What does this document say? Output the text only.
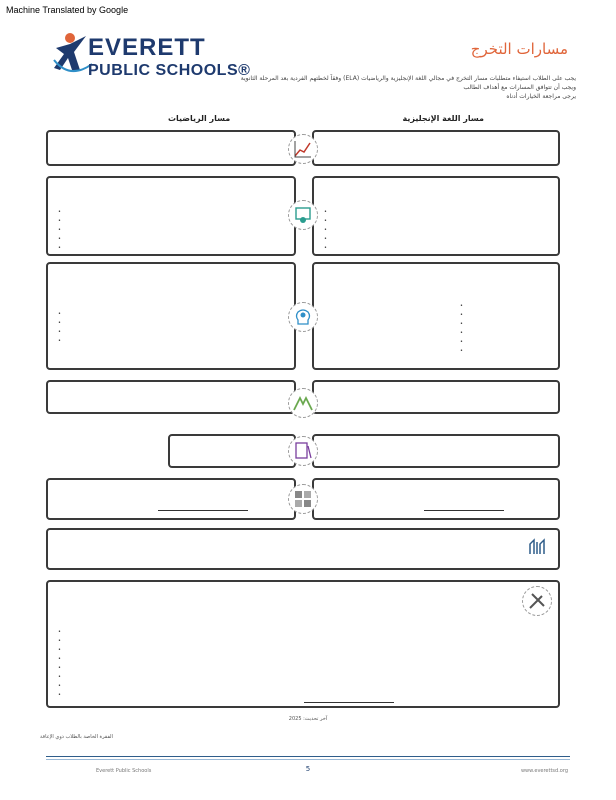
Machine Translated by Google
EVERETT
PUBLIC SCHOOLS®
مسارات التخرج
يجب على الطلاب استيفاء متطلبات مسار التخرج في مجالي اللغة الإنجليزية والرياضيات (ELA) وفقاً لخطتهم الفردية بعد المرحلة الثانوية
ويجب أن تتوافق المسارات مع أهداف الطالب
يرجى مراجعة الخيارات أدناه
مسار الرياضيات	مسار اللغة الإنجليزية
•
•
•
•
•
•
•
•
•
•
•
•
•
•
•
•
•
•
•
•
•
•
•
•
•
•
•
•
آخر تحديث: 2025
الفقرة الخاصة بالطلاب ذوي الإعاقة
Everett Public Schools	5	www.everettsd.org
